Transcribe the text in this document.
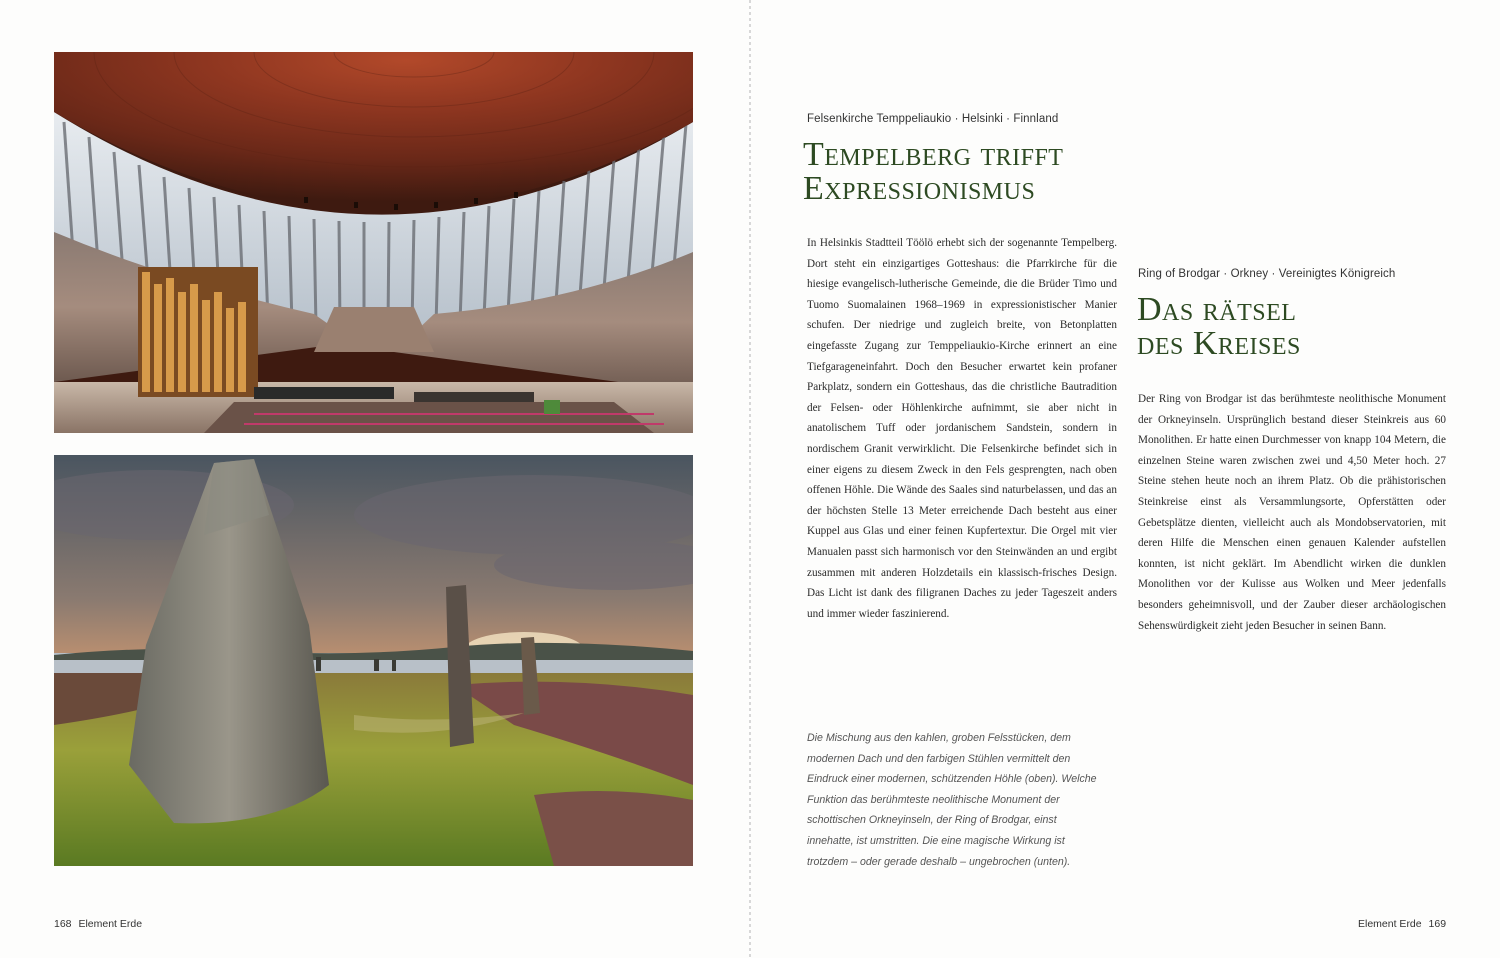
168 Element Erde
Felsenkirche Temppeliaukio · Helsinki · Finnland
Tempelberg trifft
Expressionismus

In Helsinkis Stadtteil Töölö erhebt sich der sogenannte Tempelberg. Dort steht ein einzigartiges Gotteshaus: die Pfarrkirche für die hiesige evangelisch-lutherische Gemeinde, die die Brüder Timo und Tuomo Suomalainen 1968–1969 in expressionistischer Manier schufen. Der niedrige und zugleich breite, von Betonplatten eingefasste Zugang zur Temppeliaukio-Kirche erinnert an eine Tiefgarageneinfahrt. Doch den Besucher erwartet kein profaner Parkplatz, sondern ein Gotteshaus, das die christliche Bautradition der Felsen- oder Höhlenkirche aufnimmt, sie aber nicht in anatolischem Tuff oder jordanischem Sandstein, sondern in nordischem Granit verwirklicht. Die Felsenkirche befindet sich in einer eigens zu diesem Zweck in den Fels gesprengten, nach oben offenen Höhle. Die Wände des Saales sind naturbelassen, und das an der höchsten Stelle 13 Meter erreichende Dach besteht aus einer Kuppel aus Glas und einer feinen Kupfertextur. Die Orgel mit vier Manualen passt sich harmonisch vor den Steinwänden an und ergibt zusammen mit anderen Holzdetails ein klassisch-frisches Design. Das Licht ist dank des filigranen Daches zu jeder Tageszeit anders und immer wieder faszinierend.

Ring of Brodgar · Orkney · Vereinigtes Königreich
Das rätsel
des Kreises

Der Ring von Brodgar ist das berühmteste neolithische Monument der Orkneyinseln. Ursprünglich bestand dieser Steinkreis aus 60 Monolithen. Er hatte einen Durchmesser von knapp 104 Metern, die einzelnen Steine waren zwischen zwei und 4,50 Meter hoch. 27 Steine stehen heute noch an ihrem Platz. Ob die prähistorischen Steinkreise einst als Versammlungsorte, Opferstätten oder Gebetsplätze dienten, vielleicht auch als Mondobservatorien, mit deren Hilfe die Menschen einen genauen Kalender aufstellen konnten, ist nicht geklärt. Im Abendlicht wirken die dunklen Monolithen vor der Kulisse aus Wolken und Meer jedenfalls besonders geheimnisvoll, und der Zauber dieser archäologischen Sehenswürdigkeit zieht jeden Besucher in seinen Bann.

Die Mischung aus den kahlen, groben Felsstücken, dem modernen Dach und den farbigen Stühlen vermittelt den Eindruck einer modernen, schützenden Höhle (oben). Welche Funktion das berühmteste neolithische Monument der schottischen Orkneyinseln, der Ring of Brodgar, einst innehatte, ist umstritten. Die eine magische Wirkung ist trotzdem – oder gerade deshalb – ungebrochen (unten).

Element Erde 169
